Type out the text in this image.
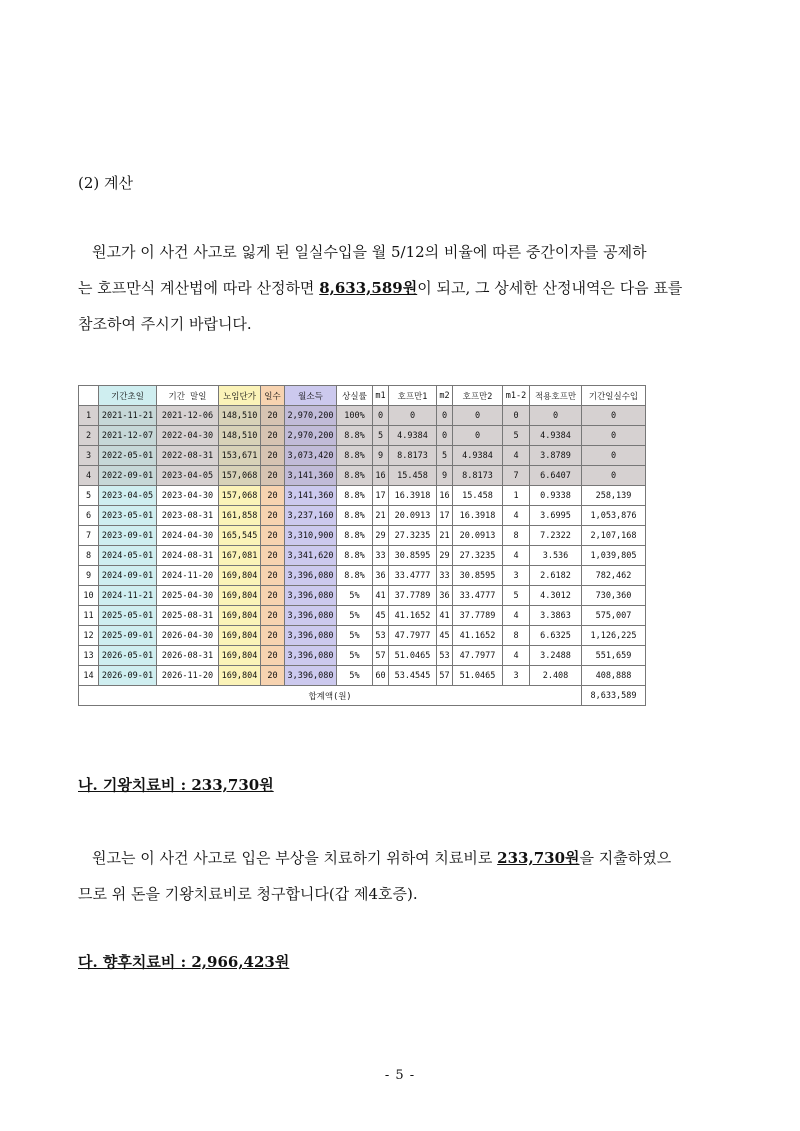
(2) 계산
원고가 이 사건 사고로 잃게 된 일실수입을 월 5/12의 비율에 따른 중간이자를 공제하
는 호프만식 계산법에 따라 산정하면 8,633,589원이 되고, 그 상세한 산정내역은 다음 표를
참조하여 주시기 바랍니다.
	기간초일	기간 말일	노임단가	일수	월소득	상실률	m1	호프만1	m2	호프만2	m1-2	적용호프만	기간일실수입
1	2021-11-21	2021-12-06	148,510	20	2,970,200	100%	0	0	0	0	0	0	0
2	2021-12-07	2022-04-30	148,510	20	2,970,200	8.8%	5	4.9384	0	0	5	4.9384	0
3	2022-05-01	2022-08-31	153,671	20	3,073,420	8.8%	9	8.8173	5	4.9384	4	3.8789	0
4	2022-09-01	2023-04-05	157,068	20	3,141,360	8.8%	16	15.458	9	8.8173	7	6.6407	0
5	2023-04-05	2023-04-30	157,068	20	3,141,360	8.8%	17	16.3918	16	15.458	1	0.9338	258,139
6	2023-05-01	2023-08-31	161,858	20	3,237,160	8.8%	21	20.0913	17	16.3918	4	3.6995	1,053,876
7	2023-09-01	2024-04-30	165,545	20	3,310,900	8.8%	29	27.3235	21	20.0913	8	7.2322	2,107,168
8	2024-05-01	2024-08-31	167,081	20	3,341,620	8.8%	33	30.8595	29	27.3235	4	3.536	1,039,805
9	2024-09-01	2024-11-20	169,804	20	3,396,080	8.8%	36	33.4777	33	30.8595	3	2.6182	782,462
10	2024-11-21	2025-04-30	169,804	20	3,396,080	5%	41	37.7789	36	33.4777	5	4.3012	730,360
11	2025-05-01	2025-08-31	169,804	20	3,396,080	5%	45	41.1652	41	37.7789	4	3.3863	575,007
12	2025-09-01	2026-04-30	169,804	20	3,396,080	5%	53	47.7977	45	41.1652	8	6.6325	1,126,225
13	2026-05-01	2026-08-31	169,804	20	3,396,080	5%	57	51.0465	53	47.7977	4	3.2488	551,659
14	2026-09-01	2026-11-20	169,804	20	3,396,080	5%	60	53.4545	57	51.0465	3	2.408	408,888
합계액(원)													8,633,589
나. 기왕치료비 : 233,730원
원고는 이 사건 사고로 입은 부상을 치료하기 위하여 치료비로 233,730원을 지출하였으
므로 위 돈을 기왕치료비로 청구합니다(갑 제4호증).
다. 향후치료비 : 2,966,423원
- 5 -
